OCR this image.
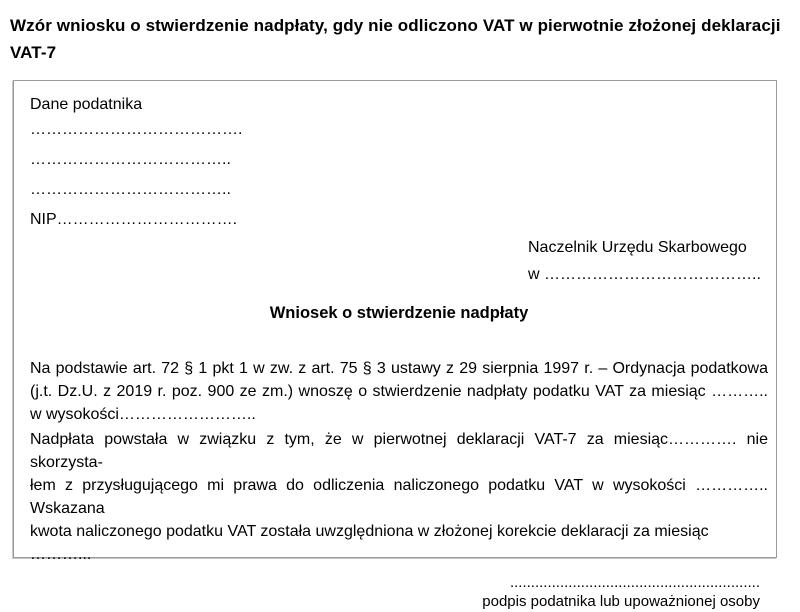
Wzór wniosku o stwierdzenie nadpłaty, gdy nie odliczono VAT w pierwotnie złożonej deklaracji VAT-7
Dane podatnika
………………………………….
………………………………..
………………………………..
NIP…………………………….
Naczelnik Urzędu Skarbowego
w …………………………………..
Wniosek o stwierdzenie nadpłaty
Na podstawie art. 72 § 1 pkt 1 w zw. z art. 75 § 3 ustawy z 29 sierpnia 1997 r. – Ordynacja podatkowa
(j.t. Dz.U. z 2019 r. poz. 900 ze zm.) wnoszę o stwierdzenie nadpłaty podatku VAT za miesiąc ………..
w wysokości……………………..
Nadpłata powstała w związku z tym, że w pierwotnej deklaracji VAT-7 za miesiąc…………. nie skorzysta-
łem z przysługującego mi prawa do odliczenia naliczonego podatku VAT w wysokości ………….. Wskazana
kwota naliczonego podatku VAT została uwzględniona w złożonej korekcie deklaracji za miesiąc ………...
............................................................
podpis podatnika lub upoważnionej osoby
